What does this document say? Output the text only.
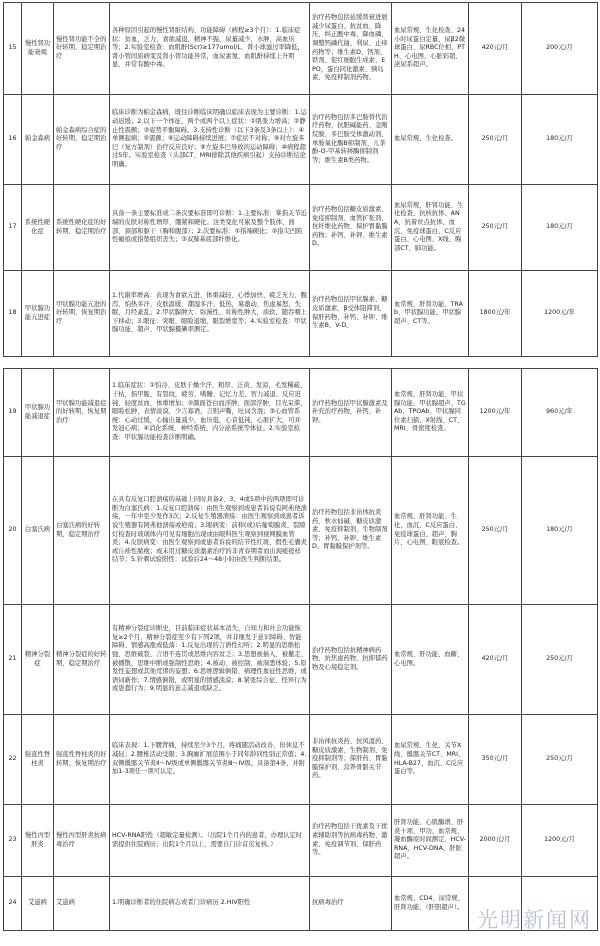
15	慢性肾功能衰竭	慢性肾功能不全的好转期、稳定期治疗	各种原因引起的慢性肾脏结构、功能障碍（病程≥3个月）：1.临床症状：贫血，乏力，食欲减退，精神不振，尿量减少，水肿，高血压等；2.实验室检查：血肌酐(Scr)≥177umol/L，肾小球滤过率降低，肾小管间质病变及肾小管功能异常，血尿素氮、血肌酐持续上升明显，并常有酸中毒。	治疗药物包括延缓肾衰进展减少尿蛋白、抗贫血、降压、纠正酸中毒、降血磷、调整钙磷代谢、利尿、止痒药物等；维生素D、钙剂、铁剂、促红细胞生成素、EPO，蛋白同化激素、胰岛素、免疫抑制剂药物。	血尿常规、生化检查、24小时尿蛋白定量、尿β2微球蛋白、尿RBC位相、PTH、心电图、心脏彩超、泌尿系超声。	420元/月	200元/月
16	帕金森病	帕金森病综合症的好转期、稳定期治疗	临床诊断为帕金森病，既往诊断临床明确以临床表现为主要诊断：1.运动迟缓；2.以下一个体征，两个或两个以上症状：①肌张力增高；②静止性震颤；③姿势平衡障碍。3.支持性诊断（以下3条及3条以上）：④单侧起病；⑤震颤；⑥运动障碍持续进展；⑦症状不对称；⑧对左旋多巴（复方制剂）治疗反应良好；⑨左旋多巴导致的运动障碍；⑩病程超过5年。实验室检查（头部CT、MRI排除其他疾病引起）支持诊断结论明确。	治疗药物包括多巴胺替代治疗药物、抗胆碱能药、金刚烷胺、多巴胺受体激动剂、单胺氧化酶B抑制剂、儿茶酚-O-甲基转移酶抑制剂等；维生素B类药物。	血尿常规、生化检查。	250元/月	180元/月
17	系统性硬化症	系统性硬化症的好转期、稳定期治疗	具备一条主要标准或二条次要标准即可诊断：1.主要标准：掌指关节近端的皮肤对称性增厚、绷紧和硬化。这类变化可累及整个肢体、面部、颈部和躯干（胸和腹部）；2.次要标准：①指端硬化；②指尖凹陷性瘢痕或指垫组织丧失；③双肺基底部纤维化。	治疗药物包括糖皮质激素、免疫抑制剂、血管扩张剂、抗纤维化药物、保护胃黏膜药物；补钙、补钾、维生素D。	血尿常规、肝肾功能、生化检查、抗核抗体、ANA、抗着丝点抗体、血沉、免疫球蛋白、C反应蛋白、心电图、X线、胸部CT、肺功能。	250元/月	180元/月
18	甲状腺功能亢进症	甲状腺功能亢进的好转期、恢复期治疗	1.代谢率增高：表现为食欲亢进、体重减轻、心悸加快、疲乏无力、腹泻、怕热多汗、皮肤温暖、潮湿多汗、低热，易激动，焦虑易怒，失眠，月经紊乱；2.甲状腺肿大：弥漫性、对称性肿大，质软，随吞咽上下移动；3.眼征：突眼、眼睑退缩，眼裂增宽等；4.实验室检查：甲状腺功能、超声、甲状腺摄碘率测定。	治疗药物包括甲状腺素、糖皮质激素、β受体阻滞剂、保肝药物、补钙、补钾、维生素B、V-D。	血常规、肝肾功能、TRAb、甲状腺功能、甲状腺超声、CT等。	1800元/年	1200元/年
19	甲状腺功能减退症	甲状腺功能减退症的好转期、恢复期治疗	1.临床症状：①怕冷、皮肤干燥少汗、粗厚、泛黄、发凉，毛发稀疏、干枯，指甲脆、有裂纹，疲劳、嗜睡、记忆力差、智力减退、反应迟钝、轻度贫血、体重增加；②颜面苍白而浮肿，面部浮肿，目光呆滞，眼睑松肿，表情淡漠，少言寡语，言则声嘶，吐词含混；③心血管系统：心动过缓，心输出量减少，血压低，心音低钝，心脏扩大，可并发冠心病；④消化系统、神经系统、内分泌系统等体征。2.实验室检查：甲状腺功能检查诊断明确。	治疗药物包括甲状腺激素及补充治疗药物，补钙、补钾。	血常规、肝肾功能、甲状腺功能、甲状腺超声、TGAb、TPOAb、甲状腺同位素扫描、X射线、CT、MRI、骨密度检查。	1200元/年	960元/年
20	白塞氏病	白塞氏病的好转期、稳定期治疗	在具有反复口腔溃疡的基础上同时具备2、3、4或5项中的两项即可诊断为白塞氏病：1.反复口腔溃疡：由医生观察到或患者诉说有阿弗他溃疡，一年中至少发作3次；2.反复生殖器溃疡：由医生观察到或患者诉说生殖器有阿弗他溃疡或疤痕；3.眼病变：前和(或)后葡萄膜炎、裂隙灯检查时玻璃体内可见有细胞出现或由眼科医生观察到视网膜血管炎；4.皮肤病变：由医生观察到或患者诉说的结节性红斑、假性毛囊炎或丘疹性脓疱；或未用过糖皮质激素治疗的非青春期者而出现痤疮样结节；5.针刺试验阳性：试验后24～48小时由医生判断结果。	治疗药物包括非甾体抗炎药、秋水仙碱、糖皮质激素、免疫抑制剂、生物制剂等；补钙、补钾、维生素D、胃黏膜保护剂等。	血常规、肝肾功能、生化、血沉、C反应蛋白、免疫球蛋白、超声、胸片、心电图、眼底检查。	250元/月	180元/月
21	精神分裂症	精神分裂症的好转期、稳定期治疗	有精神分裂症诊断史，目前临床症状基本消失，自知力和社会功能恢复≥2个月，精神分裂症至少有下列2项，并非继发于意识障碍、智能障碍、情感高涨或低落：1.反复出现的言语性幻听；2.明显的思维松弛、思维破裂、言语不连贯或思维内容贫乏；3.思想被插入、被撤走、被播散、思维中断或强制性思维；4.被动、被控制、被洞悉体验；5.原发性妄想或其他荒谬的妄想；6.思维逻辑倒错、病理性象征性思维，或语词新作；7.情感倒错，或明显的情感淡漠；8.紧张综合征、怪异行为或愚蠢行为；9.明显的意志减退或缺乏。	治疗药物包括抗精神病药物、抗焦虑药物、抗抑郁药物及心境稳定剂。	血常规、肝功能、血糖、心电图。	420元/月	250元/月
22	强直性脊柱炎	强直性脊柱炎的好转期、恢复期治疗	临床表现：1.下腰背痛，持续至少3个月，疼痛随活动改善，但休息不减轻；2.腰椎活动受限；3.胸廓扩展范围小于同年龄同性别正常值；4.双侧骶髂关节炎Ⅱ～Ⅳ级或单侧骶髂关节炎Ⅲ～Ⅳ级。具备第4条，并附加1-3项任一项可认定。	非甾体抗炎药、抗风湿药、糖皮质激素、生物制剂、免疫抑制剂等；保肝药、胃黏膜保护剂、营养骨骼关节药。	血尿常规、生化、关节X线、骶髂关节CT、MRI、HLA-B27、血沉、C反应蛋白等。	350元/月	250元/月
23	慢性丙型肝炎	慢性丙型肝炎抗病毒治疗	HCV-RNA阳性（超敏定量检测）。（出院1个月内的患者，办理认定时需提供住院病历；出院1个月以上，需要自门诊首页复核。）	治疗药物包括干扰素及干扰素辅助剂等抗病毒药物、激素、免疫调节剂、保肝药等。	肝肾功能、心肌酶谱、肝炎十项、甲功、血常规、凝血酶原时间测定、HCV-RNA、HCV-DNA、肝脏超声。	2000元/月	1200元/月
24	艾滋病	艾滋病	1.明确诊断者的住院病志或者门诊病历 2.HIV阳性	抗病毒治疗	血常规、CD4、尿常规、肝肾功能、（肝胆超声）。		
光明新闻网
